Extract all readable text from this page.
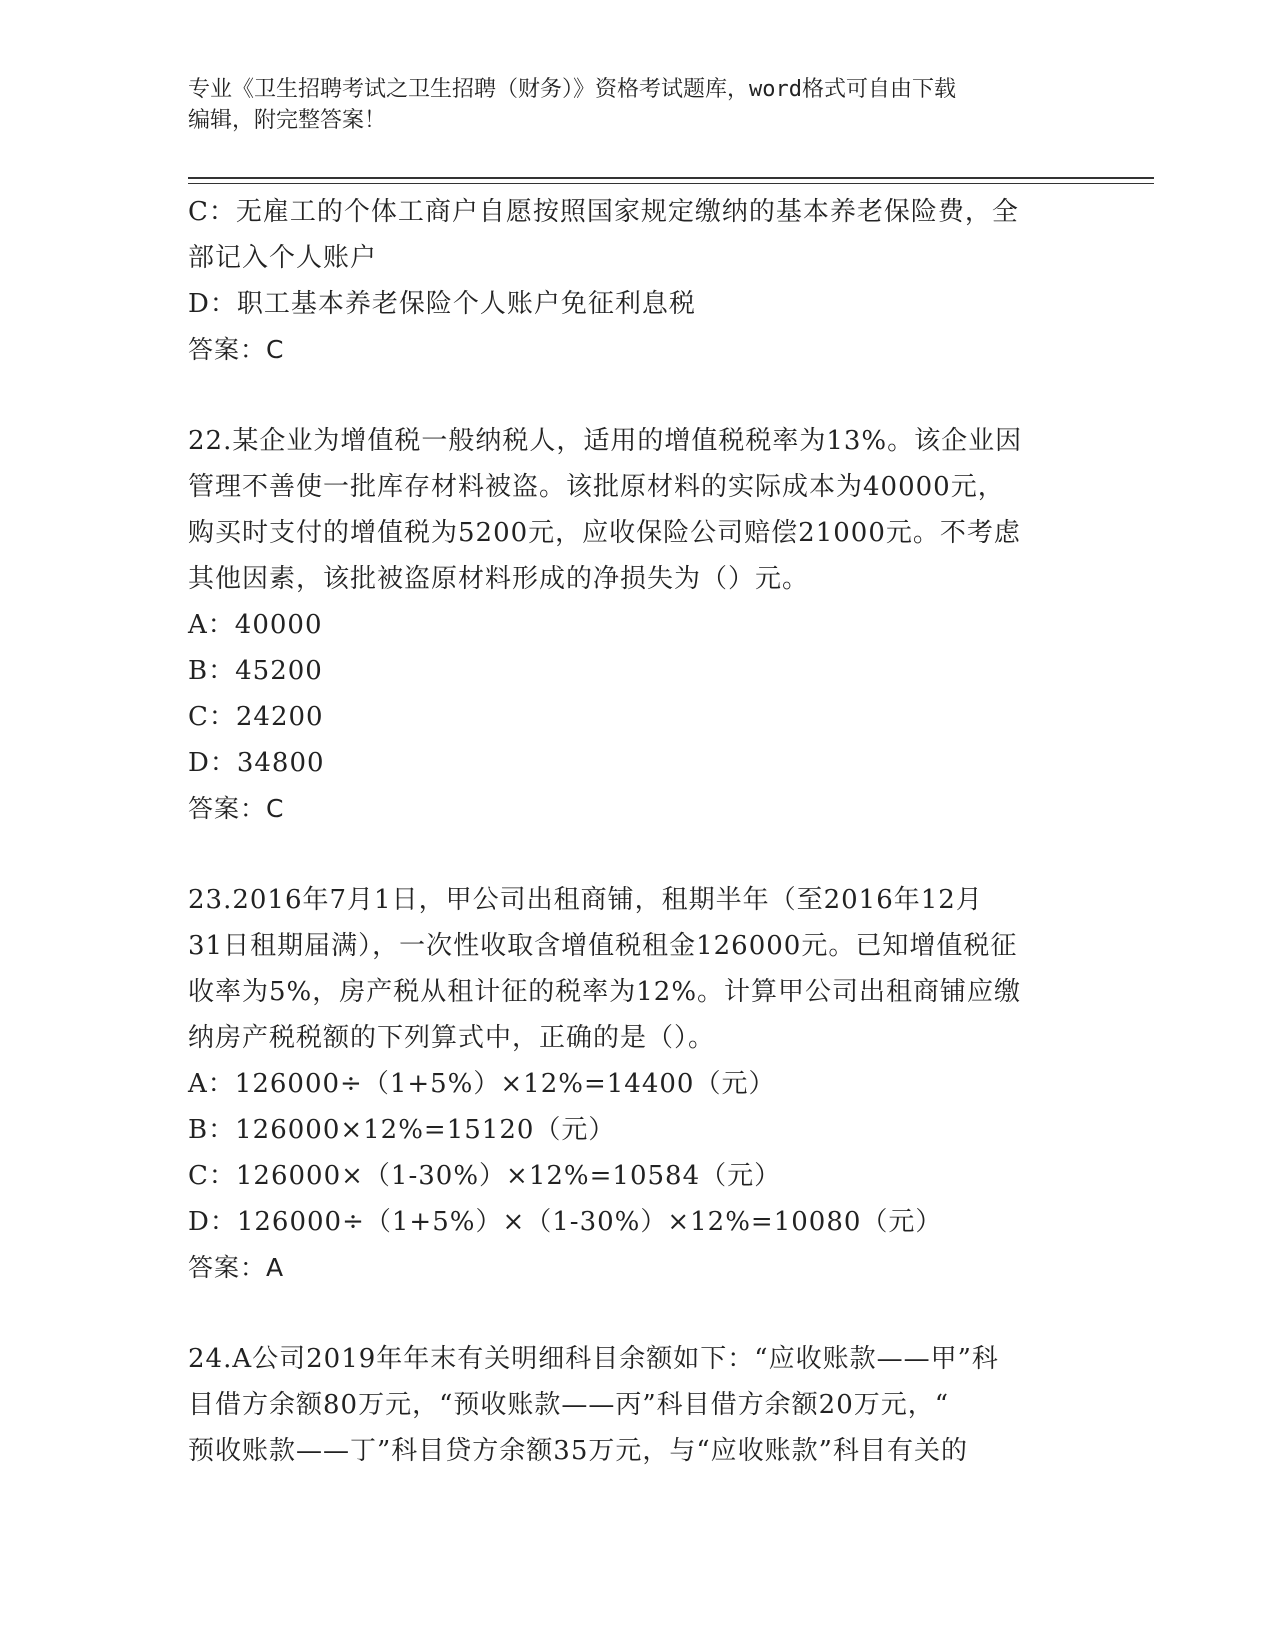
专业《卫生招聘考试之卫生招聘（财务）》资格考试题库，word格式可自由下载
编辑，附完整答案！
C：无雇工的个体工商户自愿按照国家规定缴纳的基本养老保险费，全
部记入个人账户
D：职工基本养老保险个人账户免征利息税
答案：C
22.某企业为增值税一般纳税人，适用的增值税税率为13%。该企业因
管理不善使一批库存材料被盗。该批原材料的实际成本为40000元，
购买时支付的增值税为5200元，应收保险公司赔偿21000元。不考虑
其他因素，该批被盗原材料形成的净损失为（）元。
A：40000
B：45200
C：24200
D：34800
答案：C
23.2016年7月1日，甲公司出租商铺，租期半年（至2016年12月
31日租期届满），一次性收取含增值税租金126000元。已知增值税征
收率为5%，房产税从租计征的税率为12%。计算甲公司出租商铺应缴
纳房产税税额的下列算式中，正确的是（）。
A：126000÷（1+5%）×12%=14400（元）
B：126000×12%=15120（元）
C：126000×（1-30%）×12%=10584（元）
D：126000÷（1+5%）×（1-30%）×12%=10080（元）
答案：A
24.A公司2019年年末有关明细科目余额如下：“应收账款——甲”科
目借方余额80万元，“预收账款——丙”科目借方余额20万元，“
预收账款——丁”科目贷方余额35万元，与“应收账款”科目有关的
